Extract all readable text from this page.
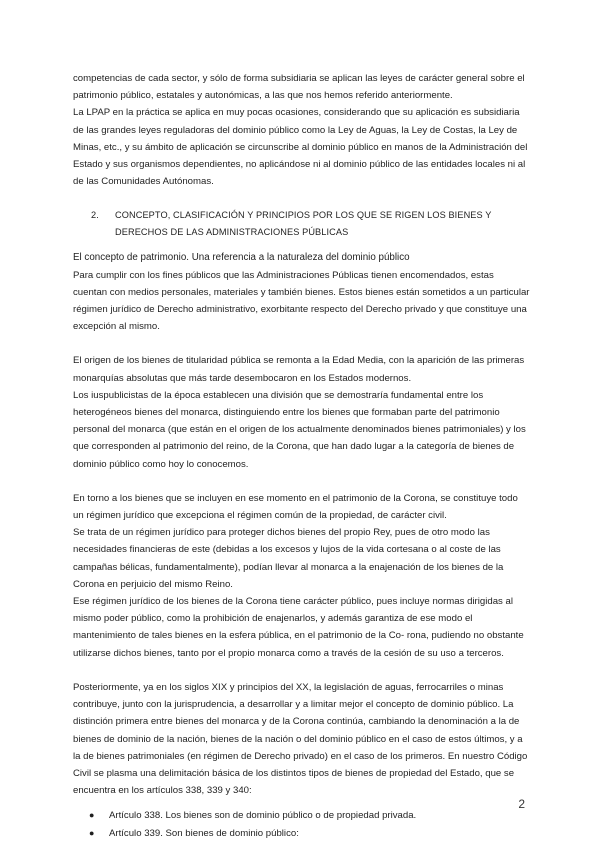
competencias de cada sector, y sólo de forma subsidiaria se aplican las leyes de carácter general sobre el patrimonio público, estatales y autonómicas, a las que nos hemos referido anteriormente.

La LPAP en la práctica se aplica en muy pocas ocasiones, considerando que su aplicación es subsidiaria de las grandes leyes reguladoras del dominio público como la Ley de Aguas, la Ley de Costas, la Ley de Minas, etc., y su ámbito de aplicación se circunscribe al dominio público en manos de la Administración del Estado y sus organismos dependientes, no aplicándose ni al dominio público de las entidades locales ni al de las Comunidades Autónomas.

2. CONCEPTO, CLASIFICACIÓN Y PRINCIPIOS POR LOS QUE SE RIGEN LOS BIENES Y DERECHOS DE LAS ADMINISTRACIONES PÚBLICAS

El concepto de patrimonio. Una referencia a la naturaleza del dominio público

Para cumplir con los fines públicos que las Administraciones Públicas tienen encomendados, estas cuentan con medios personales, materiales y también bienes. Estos bienes están sometidos a un particular régimen jurídico de Derecho administrativo, exorbitante respecto del Derecho privado y que constituye una excepción al mismo.

El origen de los bienes de titularidad pública se remonta a la Edad Media, con la aparición de las primeras monarquías absolutas que más tarde desembocaron en los Estados modernos.

Los iuspublicistas de la época establecen una división que se demostraría fundamental entre los heterogéneos bienes del monarca, distinguiendo entre los bienes que formaban parte del patrimonio personal del monarca (que están en el origen de los actualmente denominados bienes patrimoniales) y los que corresponden al patrimonio del reino, de la Corona, que han dado lugar a la categoría de bienes de dominio público como hoy lo conocemos.

En torno a los bienes que se incluyen en ese momento en el patrimonio de la Corona, se constituye todo un régimen jurídico que excepciona el régimen común de la propiedad, de carácter civil.

Se trata de un régimen jurídico para proteger dichos bienes del propio Rey, pues de otro modo las necesidades financieras de este (debidas a los excesos y lujos de la vida cortesana o al coste de las campañas bélicas, fundamentalmente), podían llevar al monarca a la enajenación de los bienes de la Corona en perjuicio del mismo Reino.

Ese régimen jurídico de los bienes de la Corona tiene carácter público, pues incluye normas dirigidas al mismo poder público, como la prohibición de enajenarlos, y además garantiza de ese modo el mantenimiento de tales bienes en la esfera pública, en el patrimonio de la Co- rona, pudiendo no obstante utilizarse dichos bienes, tanto por el propio monarca como a través de la cesión de su uso a terceros.

Posteriormente, ya en los siglos XIX y principios del XX, la legislación de aguas, ferrocarriles o minas contribuye, junto con la jurisprudencia, a desarrollar y a limitar mejor el concepto de dominio público. La distinción primera entre bienes del monarca y de la Corona continúa, cambiando la denominación a la de bienes de dominio de la nación, bienes de la nación o del dominio público en el caso de estos últimos, y a la de bienes patrimoniales (en régimen de Derecho privado) en el caso de los primeros. En nuestro Código Civil se plasma una delimitación básica de los distintos tipos de bienes de propiedad del Estado, que se encuentra en los artículos 338, 339 y 340:

● Artículo 338. Los bienes son de dominio público o de propiedad privada.
● Artículo 339. Son bienes de dominio público:
2
